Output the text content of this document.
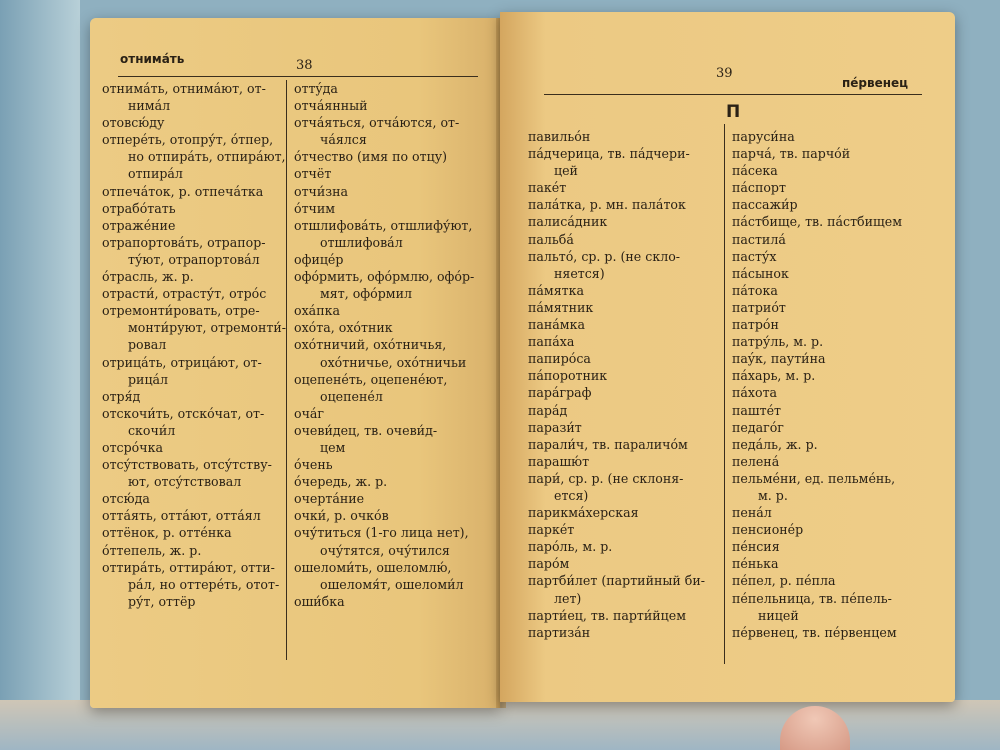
отнимáть	38
отнимáть, отнимáют, от-
нимáл
отовсю́ду
отперéть, отопру́т, óтпер,
но отпирáть, отпирáют,
отпирáл
отпечáток, р. отпечáтка
отрабóтать
отражéние
отрапортовáть, отрапор-
ту́ют, отрапортовáл
óтрасль, ж. р.
отрасти́, отрасту́т, отрóс
отремонти́ровать, отре-
монти́руют, отремонти́-
ровал
отрицáть, отрицáют, от-
рицáл
отря́д
отскочи́ть, отскóчат, от-
скочи́л
отсрóчка
отсу́тствовать, отсу́тству-
ют, отсу́тствовал
отсю́да
оттáять, оттáют, оттáял
оттёнок, р. оттéнка
óттепель, ж. р.
оттирáть, оттирáют, отти-
рáл, но оттерéть, отот-
ру́т, оттёр
оттýда
отчáянный
отчáяться, отчáются, от-
чáялся
óтчество (имя по отцу)
отчёт
отчи́зна
óтчим
отшлифовáть, отшлифу́ют,
отшлифовáл
офицéр
офóрмить, офóрмлю, офóр-
мят, офóрмил
охáпка
охóта, охóтник
охóтничий, охóтничья,
охóтничье, охóтничьи
оцепенéть, оцепенéют,
оцепенéл
очáг
очеви́дец, тв. очеви́д-
цем
óчень
óчередь, ж. р.
очертáние
очки́, р. очкóв
очу́титься (1-го лица нет),
очу́тятся, очу́тился
ошеломи́ть, ошеломлю́,
ошеломя́т, ошеломи́л
оши́бка
39
пéрвенец
П
павильóн
пáдчерица, тв. пáдчери-
цей
пакéт
палáтка, р. мн. палáток
палисáдник
пальбá
пальтó, ср. р. (не скло-
няется)
пáмятка
пáмятник
панáмка
папáха
папирóса
пáпоротник
парáграф
парáд
парази́т
парали́ч, тв. параличóм
парашю́т
пари́, ср. р. (не склоня-
ется)
парикмáхерская
паркéт
парóль, м. р.
парóм
партби́лет (партийный би-
лет)
парти́ец, тв. парти́йцем
партизáн
паруси́на
парчá, тв. парчóй
пáсека
пáспорт
пассажи́р
пáстбище, тв. пáстбищем
пастилá
пасту́х
пáсынок
пáтока
патриóт
патрóн
патру́ль, м. р.
паýк, паути́на
пáхарь, м. р.
пáхота
паштéт
педагóг
педáль, ж. р.
пеленá
пельмéни, ед. пельмéнь,
м. р.
пенáл
пенсионéр
пéнсия
пéнька
пéпел, р. пéпла
пéпельница, тв. пéпель-
ницей
пéрвенец, тв. пéрвенцем
